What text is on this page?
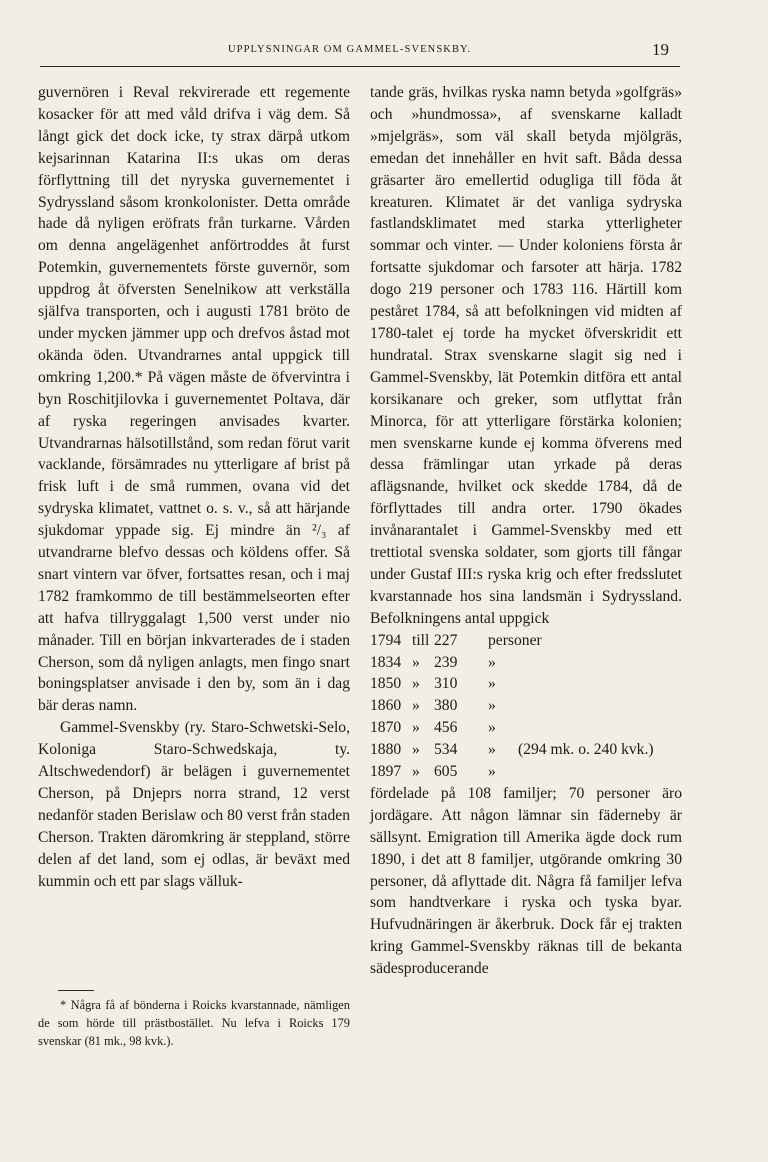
UPPLYSNINGAR OM GAMMEL-SVENSKBY.	19

guvernören i Reval rekvirerade ett regemente kosacker för att med våld drifva i väg dem. Så långt gick det dock icke, ty strax därpå utkom kejsarinnan Katarina II:s ukas om deras förflyttning till det nyryska guvernementet i Sydryssland såsom kronkolonister. Detta område hade då nyligen eröfrats från turkarne. Vården om denna angelägenhet anförtroddes åt furst Potemkin, guvernementets förste guvernör, som uppdrog åt öfversten Senelnikow att verkställa själfva transporten, och i augusti 1781 bröto de under mycken jämmer upp och drefvos åstad mot okända öden. Utvandrarnes antal uppgick till omkring 1,200.* På vägen måste de öfvervintra i byn Roschitjilovka i guvernementet Poltava, där af ryska regeringen anvisades kvarter. Utvandrarnas hälsotillstånd, som redan förut varit vacklande, försämrades nu ytterligare af brist på frisk luft i de små rummen, ovana vid det sydryska klimatet, vattnet o. s. v., så att härjande sjukdomar yppade sig. Ej mindre än ²/₃ af utvandrarne blefvo dessas och köldens offer. Så snart vintern var öfver, fortsattes resan, och i maj 1782 framkommo de till bestämmelseorten efter att hafva tillryggalagt 1,500 verst under nio månader. Till en början inkvarterades de i staden Cherson, som då nyligen anlagts, men fingo snart boningsplatser anvisade i den by, som än i dag bär deras namn.

Gammel-Svenskby (ry. Staro-Schwetski-Selo, Koloniga Staro-Schwedskaja, ty. Altschwedendorf) är belägen i guvernementet Cherson, på Dnjeprs norra strand, 12 verst nedanför staden Berislaw och 80 verst från staden Cherson. Trakten däromkring är steppland, större delen af det land, som ej odlas, är beväxt med kummin och ett par slags välluk-

* Några få af bönderna i Roicks kvarstannade, nämligen de som hörde till prästbostället. Nu lefva i Roicks 179 svenskar (81 mk., 98 kvk.).

tande gräs, hvilkas ryska namn betyda »golfgräs» och »hundmossa», af svenskarne kalladt »mjelgräs», som väl skall betyda mjölgräs, emedan det innehåller en hvit saft. Båda dessa gräsarter äro emellertid odugliga till föda åt kreaturen. Klimatet är det vanliga sydryska fastlandsklimatet med starka ytterligheter sommar och vinter. — Under koloniens första år fortsatte sjukdomar och farsoter att härja. 1782 dogo 219 personer och 1783 116. Härtill kom peståret 1784, så att befolkningen vid midten af 1780-talet ej torde ha mycket öfverskridit ett hundratal. Strax svenskarne slagit sig ned i Gammel-Svenskby, lät Potemkin ditföra ett antal korsikanare och greker, som utflyttat från Minorca, för att ytterligare förstärka kolonien; men svenskarne kunde ej komma öfverens med dessa främlingar utan yrkade på deras aflägsnande, hvilket ock skedde 1784, då de förflyttades till andra orter. 1790 ökades invånarantalet i Gammel-Svenskby med ett trettiotal svenska soldater, som gjorts till fångar under Gustaf III:s ryska krig och efter fredsslutet kvarstannade hos sina landsmän i Sydryssland. Befolkningens antal uppgick

1794 till 227	personer
1834 » 239	»
1850 » 310	»
1860 » 380	»
1870 » 456	»
1880 » 534	»	(294 mk. o. 240 kvk.)
1897 » 605	»

fördelade på 108 familjer; 70 personer äro jordägare. Att någon lämnar sin fäderneby är sällsynt. Emigration till Amerika ägde dock rum 1890, i det att 8 familjer, utgörande omkring 30 personer, då aflyttade dit. Några få familjer lefva som handtverkare i ryska och tyska byar. Hufvudnäringen är åkerbruk. Dock får ej trakten kring Gammel-Svenskby räknas till de bekanta sädesproducerande
